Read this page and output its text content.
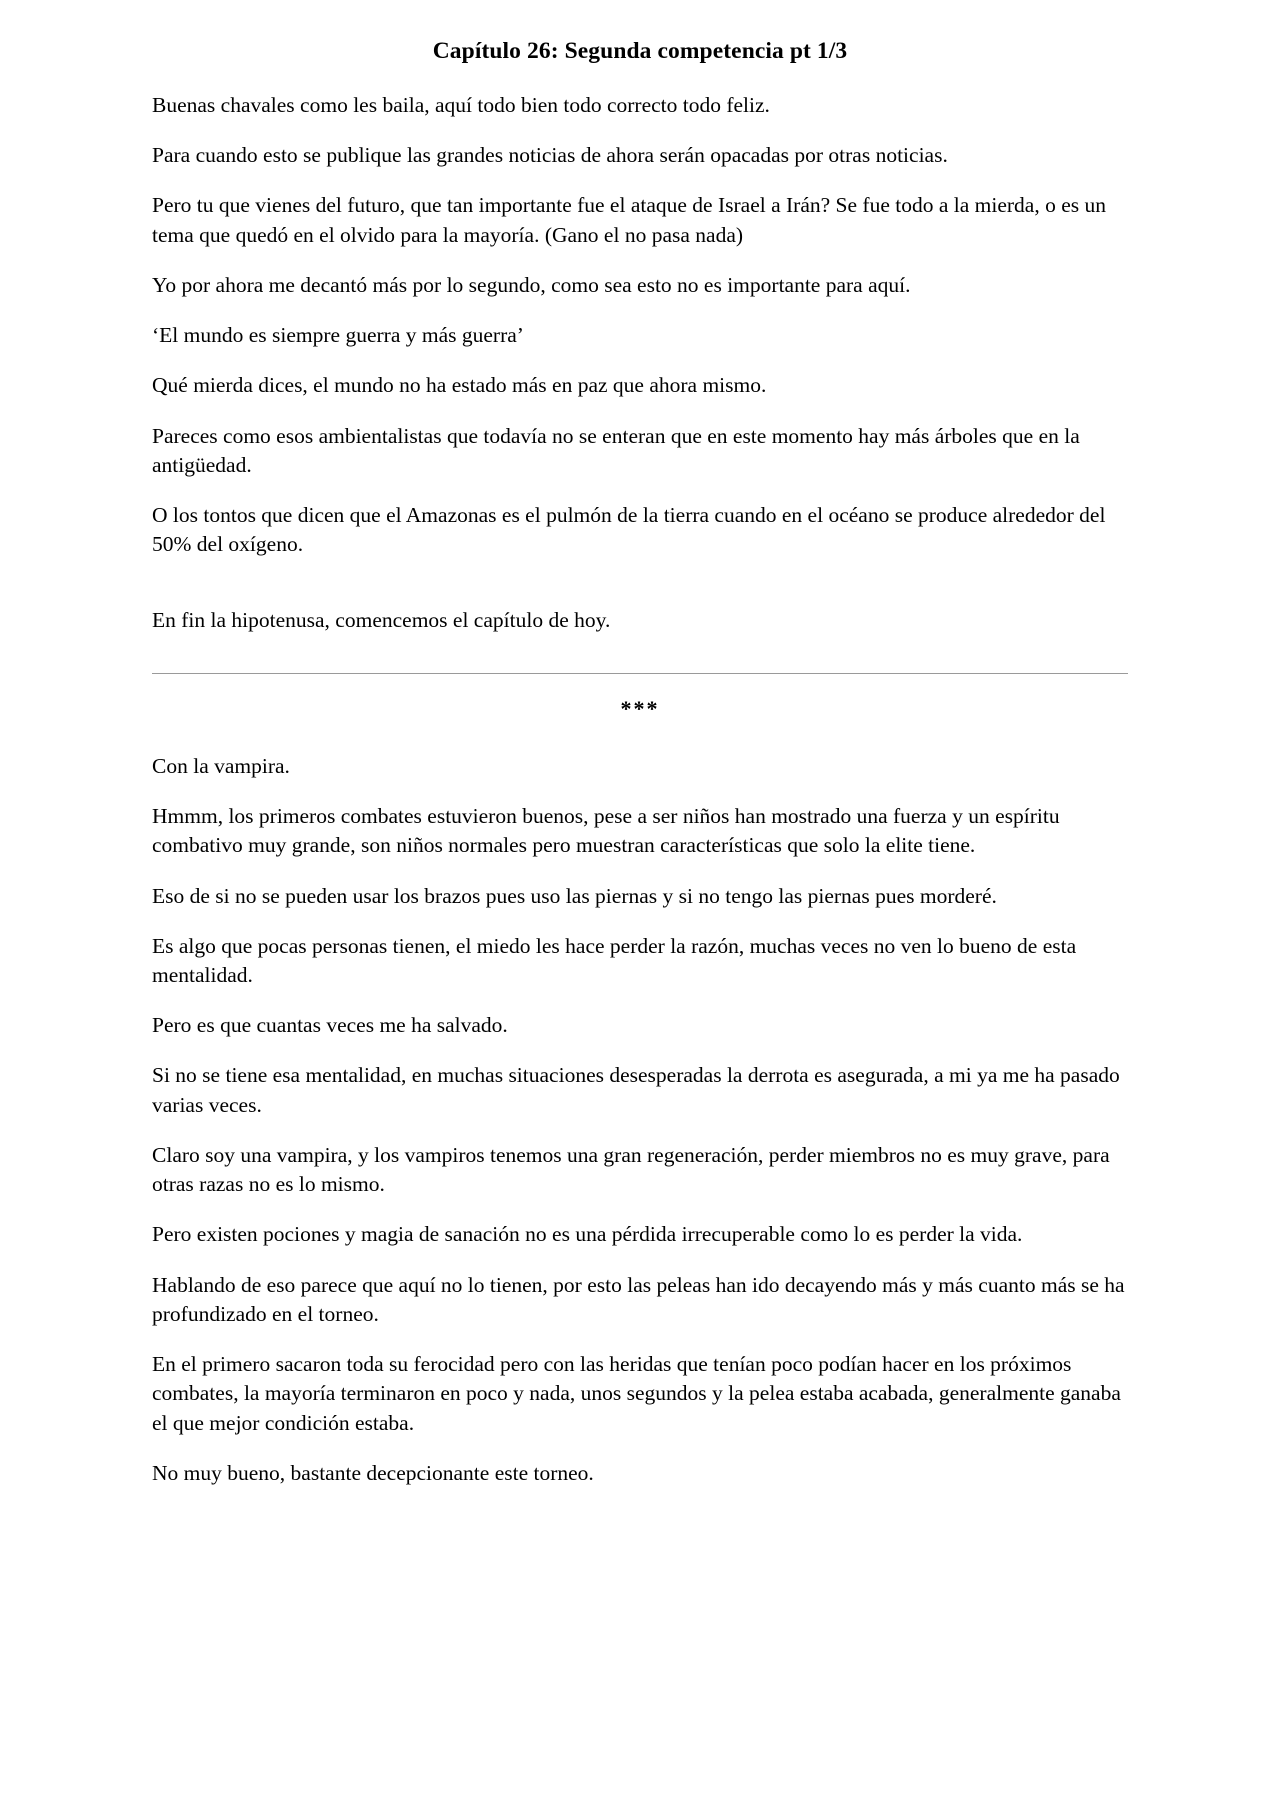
Capítulo 26: Segunda competencia pt 1/3

Buenas chavales como les baila, aquí todo bien todo correcto todo feliz.

Para cuando esto se publique las grandes noticias de ahora serán opacadas por otras noticias.

Pero tu que vienes del futuro, que tan importante fue el ataque de Israel a Irán? Se fue todo a la mierda, o es un tema que quedó en el olvido para la mayoría. (Gano el no pasa nada)

Yo por ahora me decantó más por lo segundo, como sea esto no es importante para aquí.

‘El mundo es siempre guerra y más guerra’

Qué mierda dices, el mundo no ha estado más en paz que ahora mismo.

Pareces como esos ambientalistas que todavía no se enteran que en este momento hay más árboles que en la antigüedad.

O los tontos que dicen que el Amazonas es el pulmón de la tierra cuando en el océano se produce alrededor del 50% del oxígeno.

En fin la hipotenusa, comencemos el capítulo de hoy.

***

Con la vampira.

Hmmm, los primeros combates estuvieron buenos, pese a ser niños han mostrado una fuerza y un espíritu combativo muy grande, son niños normales pero muestran características que solo la elite tiene.

Eso de si no se pueden usar los brazos pues uso las piernas y si no tengo las piernas pues morderé.

Es algo que pocas personas tienen, el miedo les hace perder la razón, muchas veces no ven lo bueno de esta mentalidad.

Pero es que cuantas veces me ha salvado.

Si no se tiene esa mentalidad, en muchas situaciones desesperadas la derrota es asegurada, a mi ya me ha pasado varias veces.

Claro soy una vampira, y los vampiros tenemos una gran regeneración, perder miembros no es muy grave, para otras razas no es lo mismo.

Pero existen pociones y magia de sanación no es una pérdida irrecuperable como lo es perder la vida.

Hablando de eso parece que aquí no lo tienen, por esto las peleas han ido decayendo más y más cuanto más se ha profundizado en el torneo.

En el primero sacaron toda su ferocidad pero con las heridas que tenían poco podían hacer en los próximos combates, la mayoría terminaron en poco y nada, unos segundos y la pelea estaba acabada, generalmente ganaba el que mejor condición estaba.

No muy bueno, bastante decepcionante este torneo.
